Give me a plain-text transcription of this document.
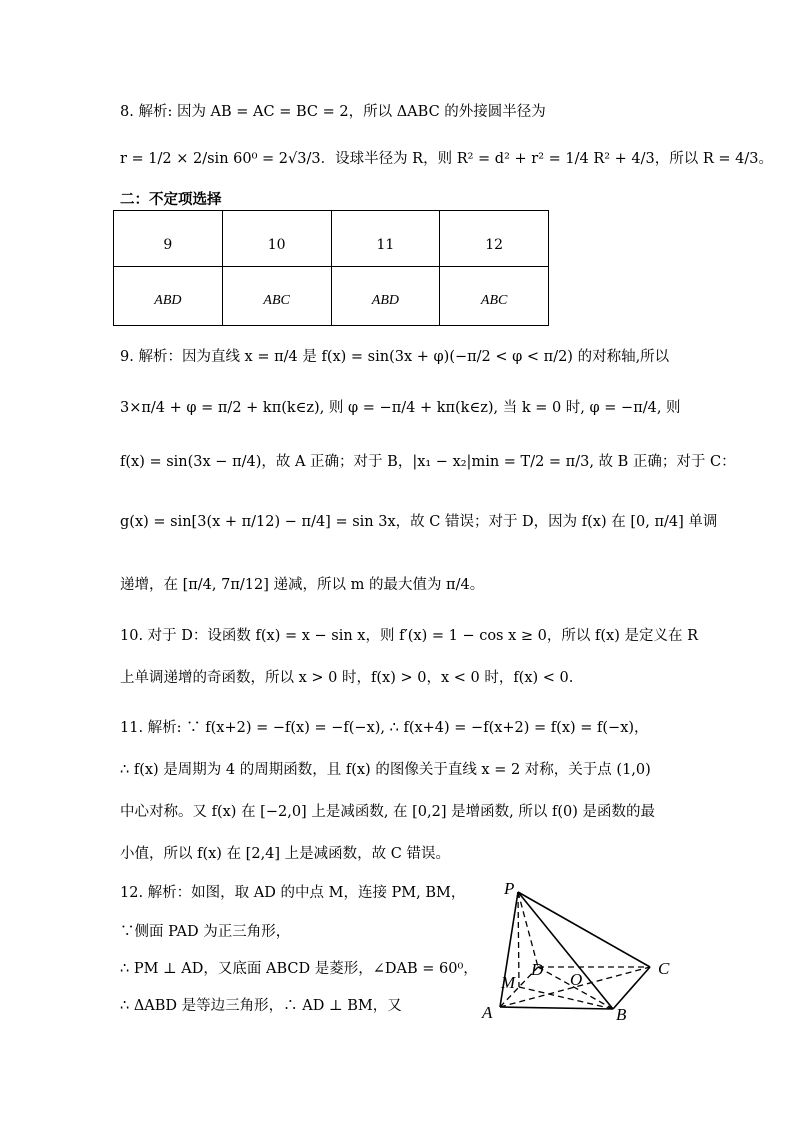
8. 解析: 因为 AB = AC = BC = 2，所以 ΔABC 的外接圆半径为
r = 1/2 × 2/sin 60⁰ = 2√3/3．设球半径为 R，则 R² = d² + r² = 1/4 R² + 4/3，所以 R = 4/3。
二：不定项选择
9	10	11	12
ABD	ABC	ABD	ABC
9. 解析：因为直线 x = π/4 是 f(x) = sin(3x + φ)(−π/2 < φ < π/2) 的对称轴,所以
3×π/4 + φ = π/2 + kπ(k∈z), 则 φ = −π/4 + kπ(k∈z), 当 k = 0 时, φ = −π/4, 则
f(x) = sin(3x − π/4)，故 A 正确；对于 B，|x₁ − x₂|min = T/2 = π/3, 故 B 正确；对于 C：
g(x) = sin[3(x + π/12) − π/4] = sin 3x，故 C 错误；对于 D，因为 f(x) 在 [0, π/4] 单调
递增，在 [π/4, 7π/12] 递减，所以 m 的最大值为 π/4。
10. 对于 D：设函数 f(x) = x − sin x，则 f′(x) = 1 − cos x ≥ 0，所以 f(x) 是定义在 R
上单调递增的奇函数，所以 x > 0 时，f(x) > 0，x < 0 时，f(x) < 0.
11. 解析: ∵ f(x+2) = −f(x) = −f(−x), ∴ f(x+4) = −f(x+2) = f(x) = f(−x)，
∴ f(x) 是周期为 4 的周期函数，且 f(x) 的图像关于直线 x = 2 对称，关于点 (1,0)
中心对称。又 f(x) 在 [−2,0] 上是减函数, 在 [0,2] 是增函数, 所以 f(0) 是函数的最
小值，所以 f(x) 在 [2,4] 上是减函数，故 C 错误。
12. 解析：如图，取 AD 的中点 M，连接 PM, BM，
∵侧面 PAD 为正三角形，
∴ PM ⊥ AD，又底面 ABCD 是菱形，∠DAB = 60⁰，
∴ ΔABD 是等边三角形，∴ AD ⊥ BM，又
P
A	B
C
D
M	O
